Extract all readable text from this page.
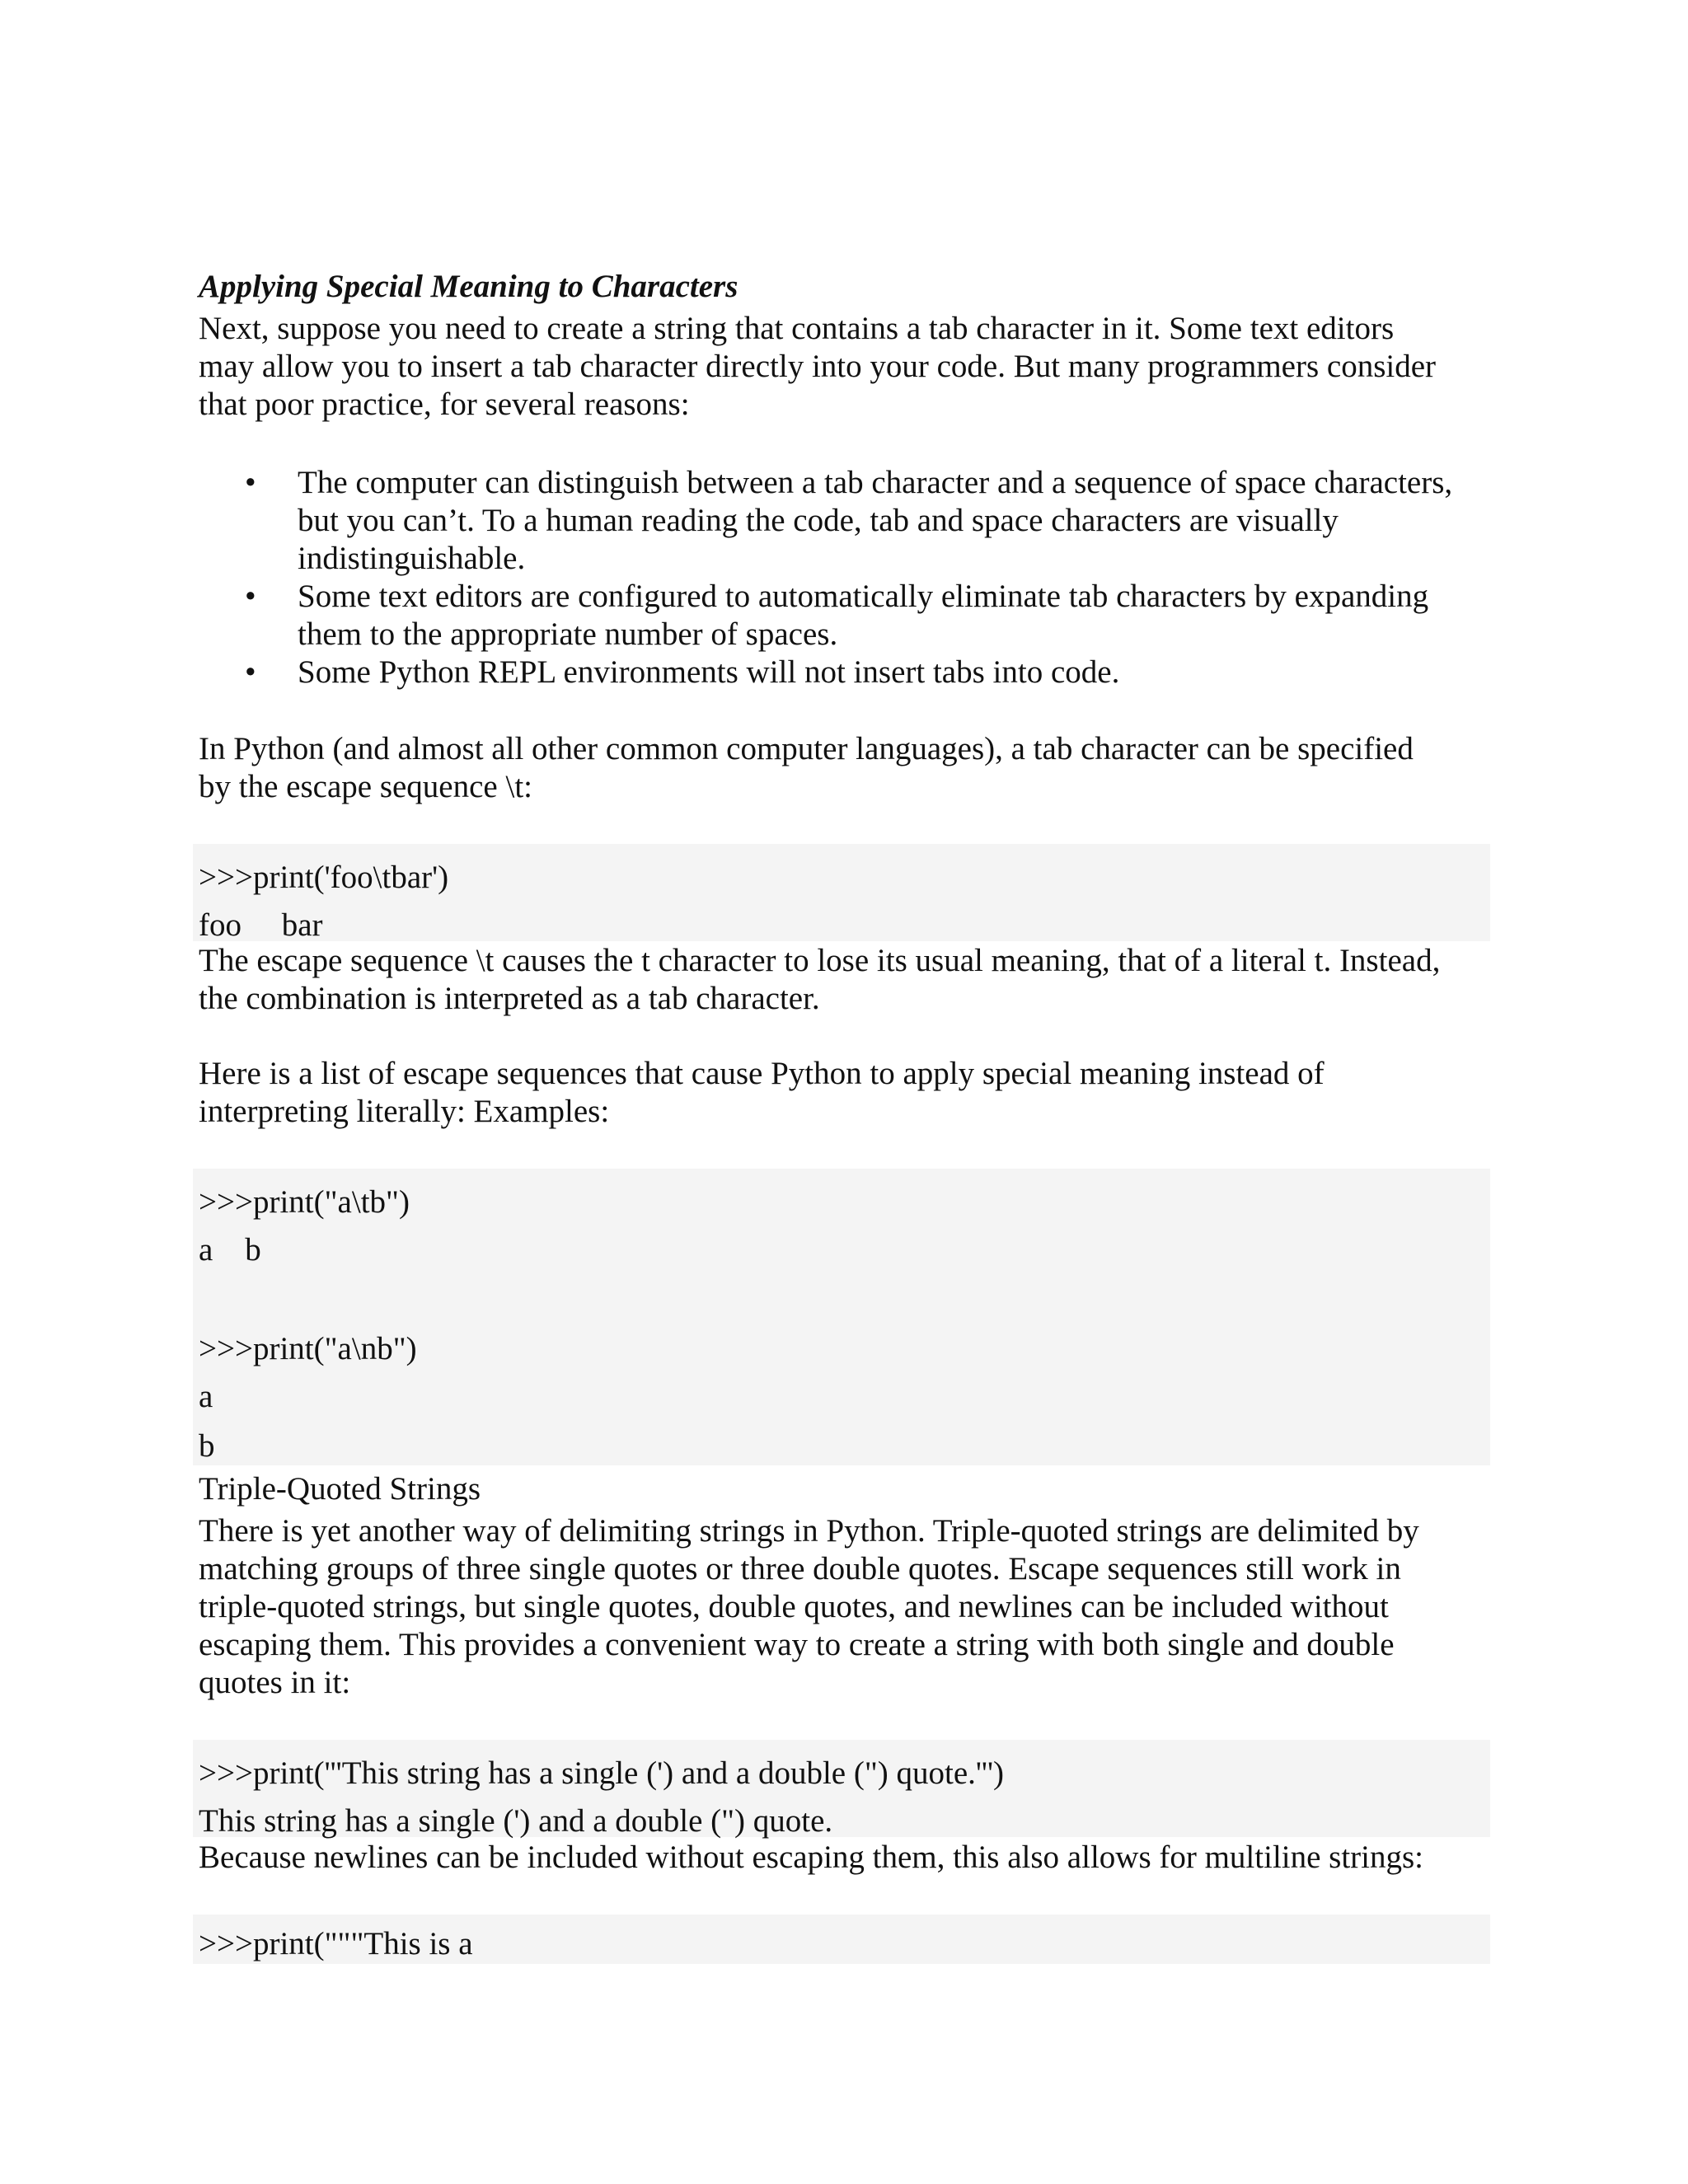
Applying Special Meaning to Characters

Next, suppose you need to create a string that contains a tab character in it. Some text editors

may allow you to insert a tab character directly into your code. But many programmers consider

that poor practice, for several reasons:

• The computer can distinguish between a tab character and a sequence of space characters,
but you can’t. To a human reading the code, tab and space characters are visually
indistinguishable.
• Some text editors are configured to automatically eliminate tab characters by expanding
them to the appropriate number of spaces.
• Some Python REPL environments will not insert tabs into code.

In Python (and almost all other common computer languages), a tab character can be specified

by the escape sequence \t:

>>>print('foo\tbar')
foo     bar

The escape sequence \t causes the t character to lose its usual meaning, that of a literal t. Instead,

the combination is interpreted as a tab character.

Here is a list of escape sequences that cause Python to apply special meaning instead of

interpreting literally: Examples:

>>>print("a\tb")
a    b
>>>print("a\nb")
a
b

Triple-Quoted Strings

There is yet another way of delimiting strings in Python. Triple-quoted strings are delimited by

matching groups of three single quotes or three double quotes. Escape sequences still work in

triple-quoted strings, but single quotes, double quotes, and newlines can be included without

escaping them. This provides a convenient way to create a string with both single and double

quotes in it:

>>>print('''This string has a single (') and a double (") quote.''')
This string has a single (') and a double (") quote.

Because newlines can be included without escaping them, this also allows for multiline strings:

>>>print("""This is a
